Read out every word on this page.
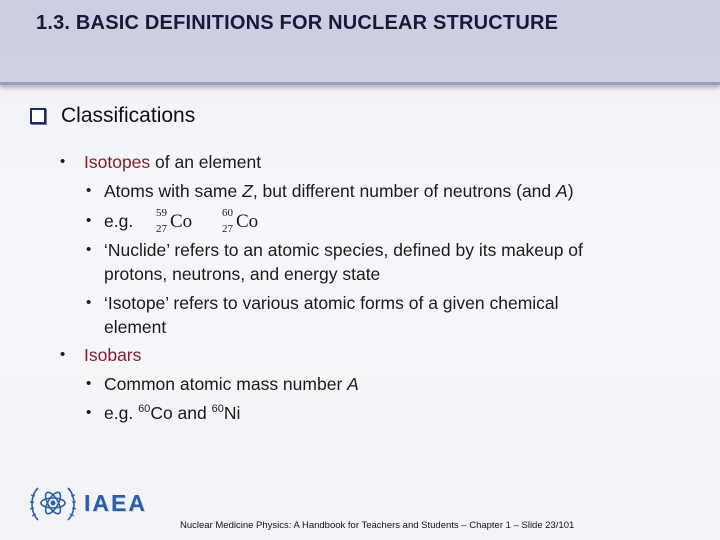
1.3. BASIC DEFINITIONS FOR NUCLEAR STRUCTURE
Classifications
• Isotopes of an element
• Atoms with same Z, but different number of neutrons (and A)
• e.g. 59
27 Co	60
27 Co
• ‘Nuclide’ refers to an atomic species, defined by its makeup of
protons, neutrons, and energy state
• ‘Isotope’ refers to various atomic forms of a given chemical
element
• Isobars
• Common atomic mass number A
• e.g. $^{60}$Co and $^{60}$Ni
IAEA
Nuclear Medicine Physics: A Handbook for Teachers and Students – Chapter 1 – Slide 23/101
